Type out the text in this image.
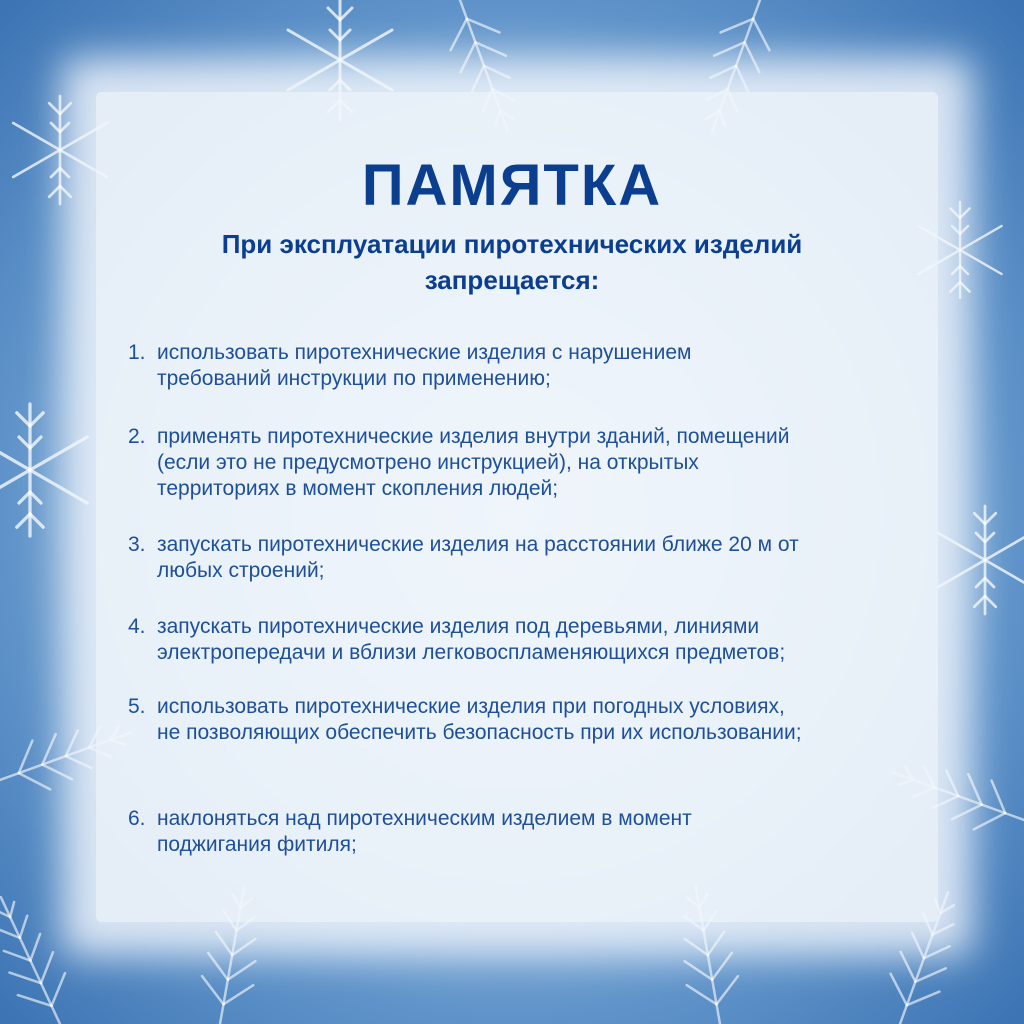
ПАМЯТКА
При эксплуатации пиротехнических изделий
запрещается:
1. использовать пиротехнические изделия с нарушением
требований инструкции по применению;
2. применять пиротехнические изделия внутри зданий, помещений
(если это не предусмотрено инструкцией), на открытых
территориях в момент скопления людей;
3. запускать пиротехнические изделия на расстоянии ближе 20 м от
любых строений;
4. запускать пиротехнические изделия под деревьями, линиями
электропередачи и вблизи легковоспламеняющихся предметов;
5. использовать пиротехнические изделия при погодных условиях,
не позволяющих обеспечить безопасность при их использовании;
6. наклоняться над пиротехническим изделием в момент
поджигания фитиля;
